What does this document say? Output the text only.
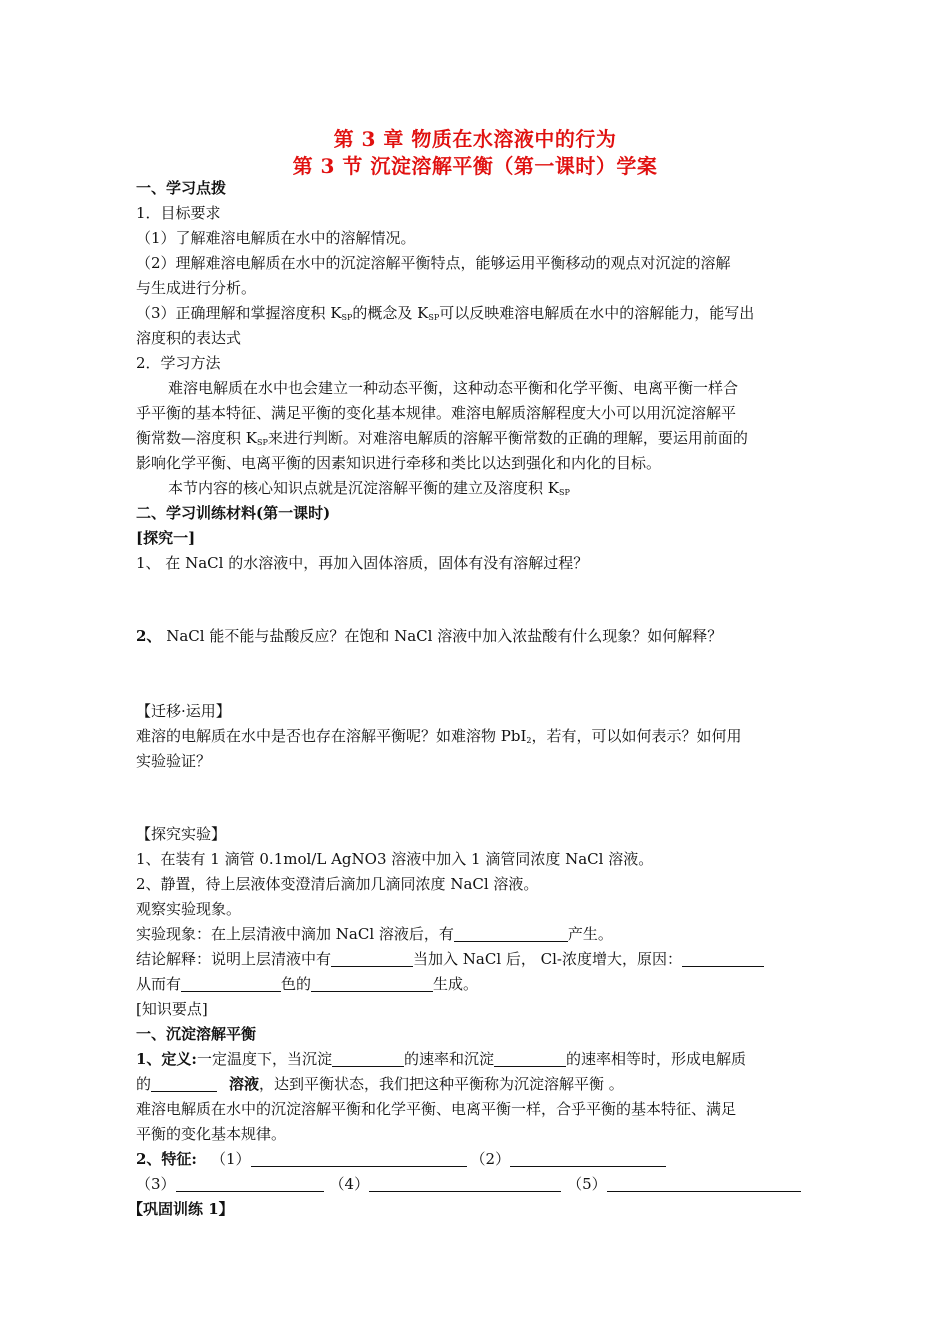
第 3 章 物质在水溶液中的行为
第 3 节 沉淀溶解平衡（第一课时）学案
一、学习点拨
1．目标要求
（1）了解难溶电解质在水中的溶解情况。
（2）理解难溶电解质在水中的沉淀溶解平衡特点，能够运用平衡移动的观点对沉淀的溶解
与生成进行分析。
（3）正确理解和掌握溶度积 $K_{SP}$的概念及 $K_{SP}$可以反映难溶电解质在水中的溶解能力，能写出
溶度积的表达式
2．学习方法
难溶电解质在水中也会建立一种动态平衡，这种动态平衡和化学平衡、电离平衡一样合
乎平衡的基本特征、满足平衡的变化基本规律。难溶电解质溶解程度大小可以用沉淀溶解平
衡常数—溶度积 $K_{SP}$来进行判断。对难溶电解质的溶解平衡常数的正确的理解，要运用前面的
影响化学平衡、电离平衡的因素知识进行牵移和类比以达到强化和内化的目标。
本节内容的核心知识点就是沉淀溶解平衡的建立及溶度积 $K_{SP}$
二、学习训练材料(第一课时)
[探究一]
1、 在 NaCl 的水溶液中，再加入固体溶质，固体有没有溶解过程？
2、 NaCl 能不能与盐酸反应？在饱和 NaCl 溶液中加入浓盐酸有什么现象？如何解释？
【迁移·运用】
难溶的电解质在水中是否也存在溶解平衡呢？如难溶物 PbI$_2$，若有，可以如何表示？如何用
实验验证？
【探究实验】
1、在装有 1 滴管 0.1mol/L AgNO3 溶液中加入 1 滴管同浓度 NaCl 溶液。
2、静置，待上层液体变澄清后滴加几滴同浓度 NaCl 溶液。
观察实验现象。
实验现象：在上层清液中滴加 NaCl 溶液后，有	产生。
结论解释：说明上层清液中有	当加入 NaCl 后， Cl-浓度增大，原因：
从而有	色的	生成。
[知识要点]
一、沉淀溶解平衡
1、定义:一定温度下，当沉淀	的速率和沉淀	的速率相等时，形成电解质
的	溶液，达到平衡状态，我们把这种平衡称为沉淀溶解平衡 。
难溶电解质在水中的沉淀溶解平衡和化学平衡、电离平衡一样，合乎平衡的基本特征、满足
平衡的变化基本规律。
2、特征: （1）	（2）
（3）	（4）	（5）
【巩固训练 1】
